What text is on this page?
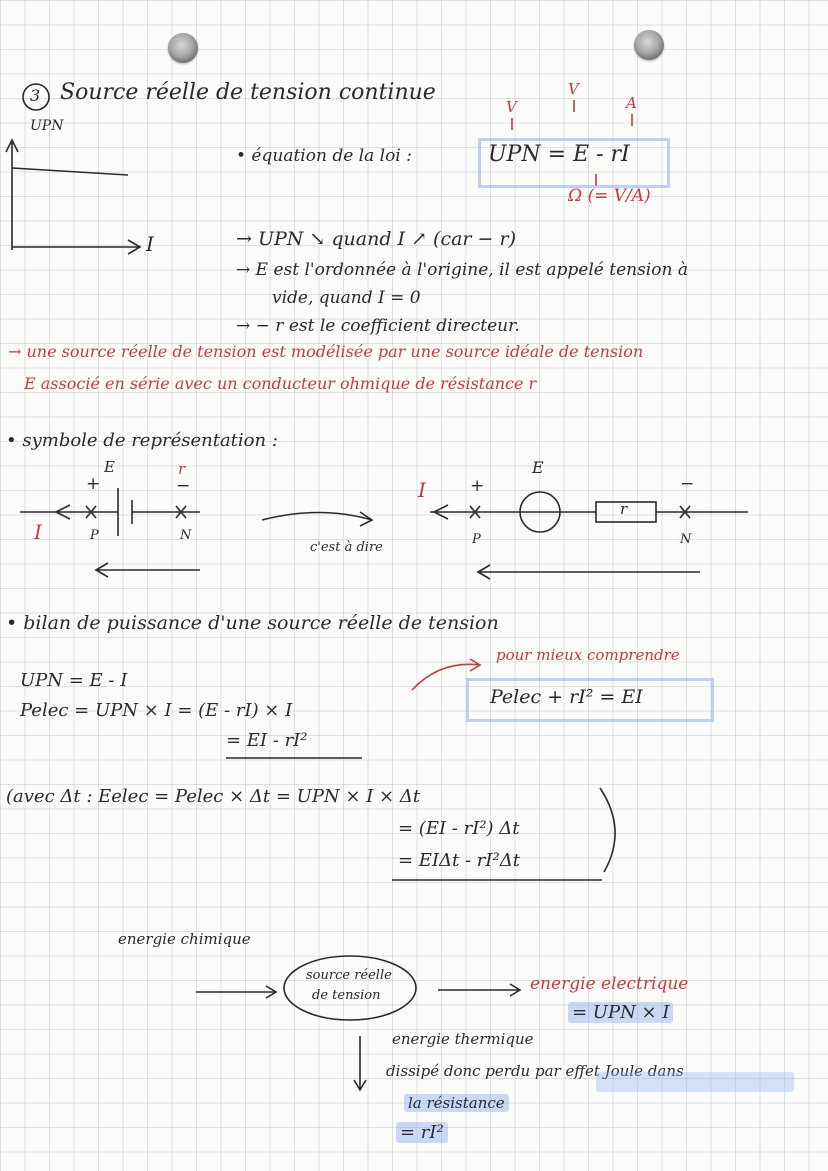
3 Source réelle de tension continue
UPN
I
• équation de la loi :	UPN = E - rI
V
V
A
Ω (= V/A)
→ UPN ↘ quand I ↗ (car − r)
→ E est l'ordonnée à l'origine, il est appelé tension à
vide, quand I = 0
→ − r est le coefficient directeur.
→ une source réelle de tension est modélisée par une source idéale de tension
E associé en série avec un conducteur ohmique de résistance r
• symbole de représentation :
E	r
+	−
I	P	N
c'est à dire
I	+
E
r
−
P	N
• bilan de puissance d'une source réelle de tension
UPN = E - I
Pelec = UPN × I = (E - rI) × I
= EI - rI²
pour mieux comprendre
Pelec + rI² = EI
(avec Δt : Eelec = Pelec × Δt = UPN × I × Δt
= (EI - rI²) Δt
= EIΔt - rI²Δt
energie chimique
source réelle
de tension
energie electrique
= UPN × I
energie thermique
dissipé donc perdu par effet Joule dans
la résistance
= rI²
